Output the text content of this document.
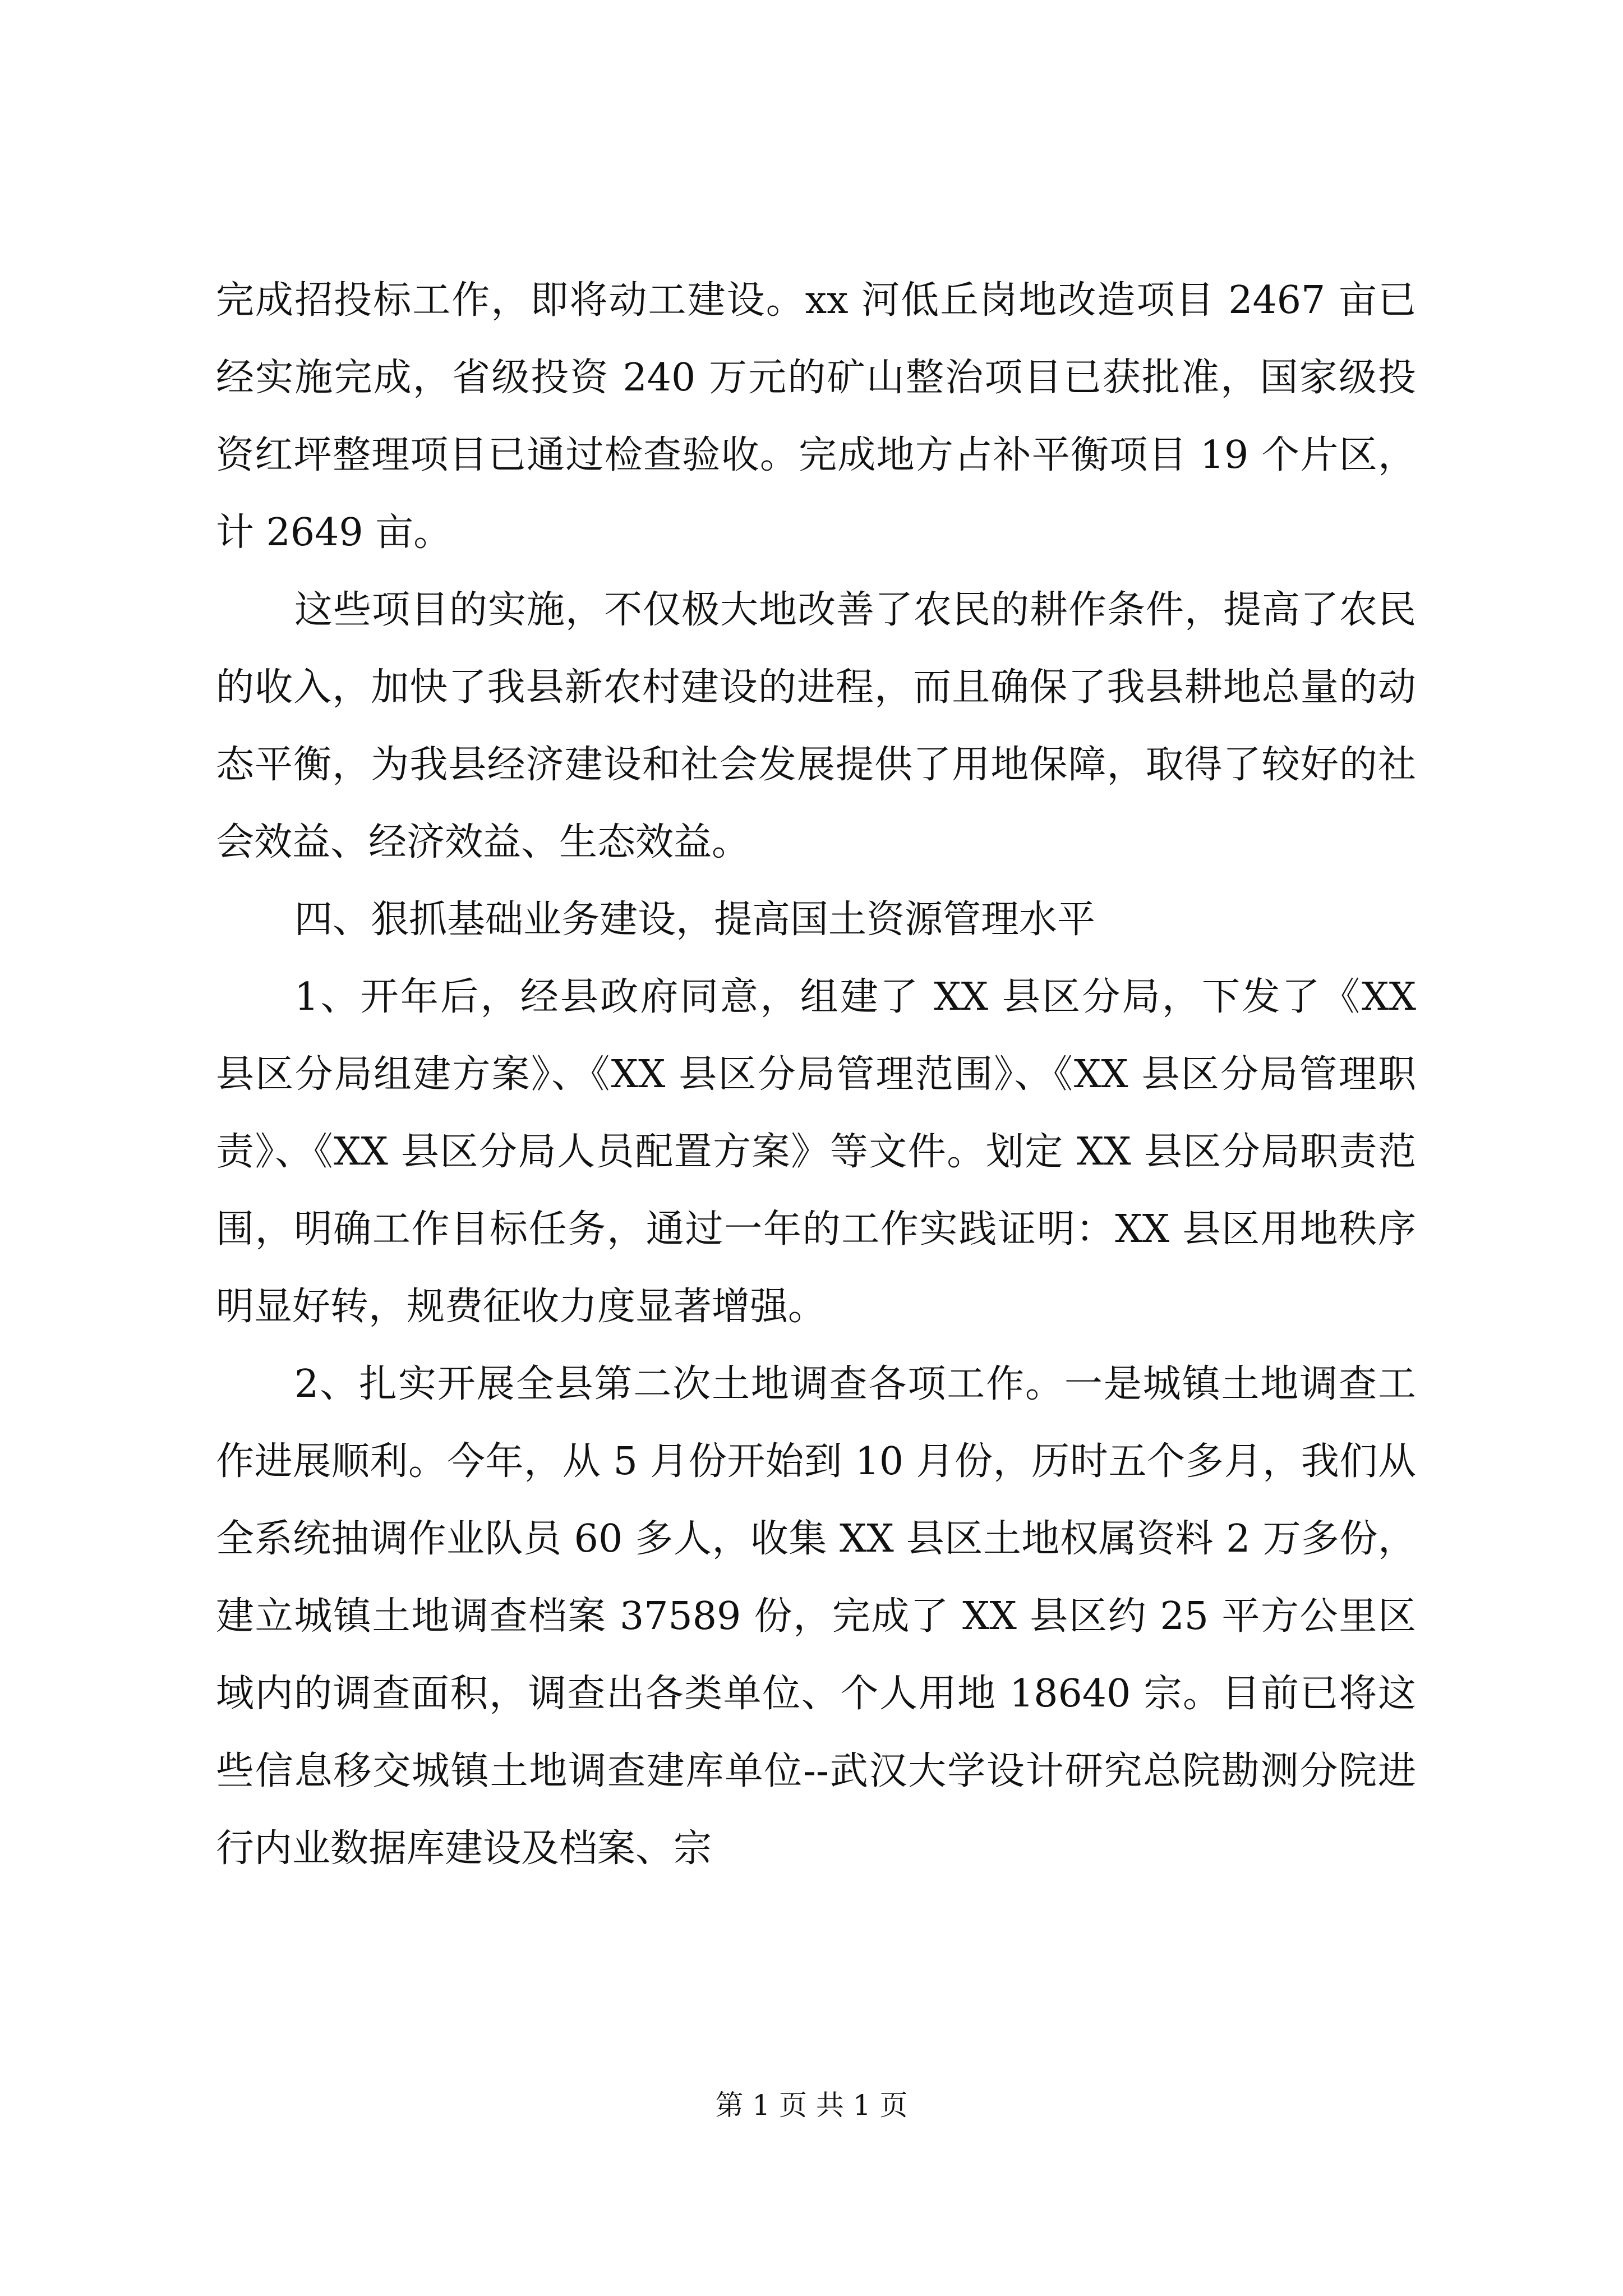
完成招投标工作，即将动工建设。xx 河低丘岗地改造项目 2467 亩已经实施完成，省级投资 240 万元的矿山整治项目已获批准，国家级投资红坪整理项目已通过检查验收。完成地方占补平衡项目 19 个片区，计 2649 亩。

这些项目的实施，不仅极大地改善了农民的耕作条件，提高了农民的收入，加快了我县新农村建设的进程，而且确保了我县耕地总量的动态平衡，为我县经济建设和社会发展提供了用地保障，取得了较好的社会效益、经济效益、生态效益。

四、狠抓基础业务建设，提高国土资源管理水平

1、开年后，经县政府同意，组建了 XX 县区分局，下发了《XX 县区分局组建方案》、《XX 县区分局管理范围》、《XX 县区分局管理职责》、《XX 县区分局人员配置方案》等文件。划定 XX 县区分局职责范围，明确工作目标任务，通过一年的工作实践证明：XX 县区用地秩序明显好转，规费征收力度显著增强。

2、扎实开展全县第二次土地调查各项工作。一是城镇土地调查工作进展顺利。今年，从 5 月份开始到 10 月份，历时五个多月，我们从全系统抽调作业队员 60 多人，收集 XX 县区土地权属资料 2 万多份，建立城镇土地调查档案 37589 份，完成了 XX 县区约 25 平方公里区域内的调查面积，调查出各类单位、个人用地 18640 宗。目前已将这些信息移交城镇土地调查建库单位--武汉大学设计研究总院勘测分院进行内业数据库建设及档案、宗

第 1 页 共 1 页
